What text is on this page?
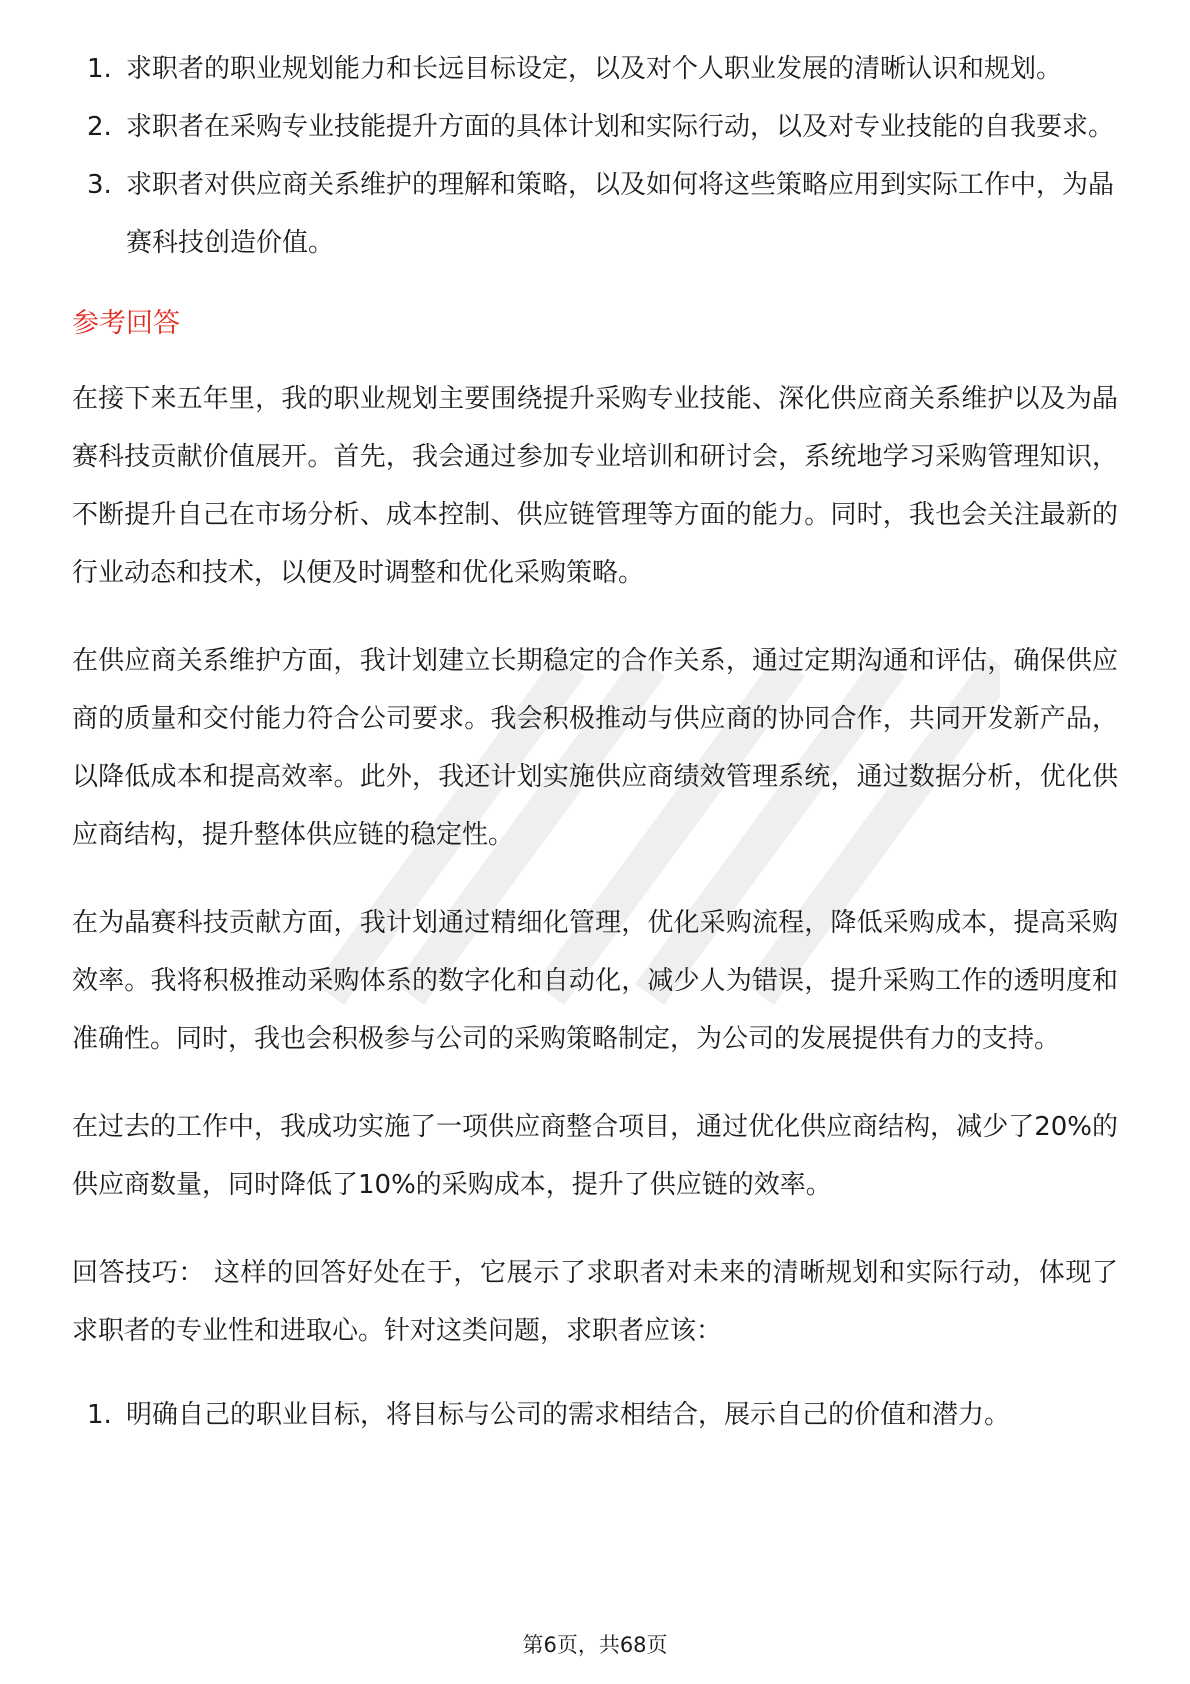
1. 求职者的职业规划能力和长远目标设定，以及对个人职业发展的清晰认识和规划。
2. 求职者在采购专业技能提升方面的具体计划和实际行动，以及对专业技能的自我要求。
3. 求职者对供应商关系维护的理解和策略，以及如何将这些策略应用到实际工作中，为晶赛科技创造价值。
参考回答

在接下来五年里，我的职业规划主要围绕提升采购专业技能、深化供应商关系维护以及为晶赛科技贡献价值展开。首先，我会通过参加专业培训和研讨会，系统地学习采购管理知识，不断提升自己在市场分析、成本控制、供应链管理等方面的能力。同时，我也会关注最新的行业动态和技术，以便及时调整和优化采购策略。

在供应商关系维护方面，我计划建立长期稳定的合作关系，通过定期沟通和评估，确保供应商的质量和交付能力符合公司要求。我会积极推动与供应商的协同合作，共同开发新产品，以降低成本和提高效率。此外，我还计划实施供应商绩效管理系统，通过数据分析，优化供应商结构，提升整体供应链的稳定性。

在为晶赛科技贡献方面，我计划通过精细化管理，优化采购流程，降低采购成本，提高采购效率。我将积极推动采购体系的数字化和自动化，减少人为错误，提升采购工作的透明度和准确性。同时，我也会积极参与公司的采购策略制定，为公司的发展提供有力的支持。

在过去的工作中，我成功实施了一项供应商整合项目，通过优化供应商结构，减少了20%的供应商数量，同时降低了10%的采购成本，提升了供应链的效率。

回答技巧： 这样的回答好处在于，它展示了求职者对未来的清晰规划和实际行动，体现了求职者的专业性和进取心。针对这类问题，求职者应该：

1. 明确自己的职业目标，将目标与公司的需求相结合，展示自己的价值和潜力。
第6页，共68页
